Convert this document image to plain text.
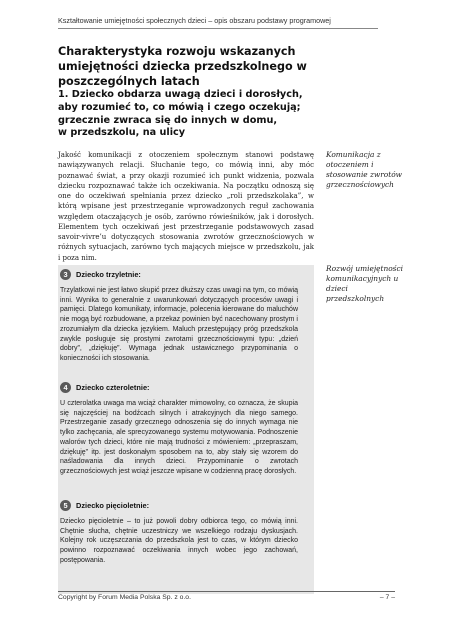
Kształtowanie umiejętności społecznych dzieci – opis obszaru podstawy programowej
Charakterystyka rozwoju wskazanych umiejętności dziecka przedszkolnego w poszczególnych latach
1. Dziecko obdarza uwagą dzieci i dorosłych,
aby rozumieć to, co mówią i czego oczekują;
grzecznie zwraca się do innych w domu,
w przedszkolu, na ulicy
Jakość komunikacji z otoczeniem społecznym stanowi podstawę nawiązywanych relacji. Słuchanie tego, co mówią inni, aby móc poznawać świat, a przy okazji rozumieć ich punkt widzenia, pozwala dziecku rozpoznawać także ich oczekiwania. Na początku odnoszą się one do oczekiwań spełniania przez dziecko „roli przedszkolaka”, w którą wpisane jest przestrzeganie wprowadzonych reguł zachowania względem otaczających je osób, zarówno rówieśników, jak i dorosłych. Elementem tych oczekiwań jest przestrzeganie podstawowych zasad savoir-vivre’u dotyczących stosowania zwrotów grzecznościowych w różnych sytuacjach, zarówno tych mających miejsce w przedszkolu, jak i poza nim.
Komunikacja z otoczeniem i stosowanie zwrotów grzecznościowych
Rozwój umiejętności komunikacyjnych u dzieci przedszkolnych
3	Dziecko trzyletnie:
Trzylatkowi nie jest łatwo skupić przez dłuższy czas uwagi na tym, co mówią inni. Wynika to generalnie z uwarunkowań dotyczących procesów uwagi i pamięci. Dlatego komunikaty, informacje, polecenia kierowane do maluchów nie mogą być rozbudowane, a przekaz powinien być nacechowany prostym i zrozumiałym dla dziecka językiem. Maluch przestępujący próg przedszkola zwykle posługuje się prostymi zwrotami grzecznościowymi typu: „dzień dobry”, „dziękuję”. Wymaga jednak ustawicznego przypominania o konieczności ich stosowania.
4	Dziecko czteroletnie:
U czterolatka uwaga ma wciąż charakter mimowolny, co oznacza, że skupia się najczęściej na bodźcach silnych i atrakcyjnych dla niego samego. Przestrzeganie zasady grzecznego odnoszenia się do innych wymaga nie tylko zachęcania, ale sprecyzowanego systemu motywowania. Podnoszenie walorów tych dzieci, które nie mają trudności z mówieniem: „przepraszam, dziękuję” itp. jest doskonałym sposobem na to, aby stały się wzorem do naśladowania dla innych dzieci. Przypominanie o zwrotach grzecznościowych jest wciąż jeszcze wpisane w codzienną pracę dorosłych.
5	Dziecko pięcioletnie:
Dziecko pięcioletnie – to już powoli dobry odbiorca tego, co mówią inni. Chętnie słucha, chętnie uczestniczy we wszelkiego rodzaju dyskusjach. Kolejny rok uczęszczania do przedszkola jest to czas, w którym dziecko powinno rozpoznawać oczekiwania innych wobec jego zachowań, postępowania.
Copyright by Forum Media Polska Sp. z o.o.	– 7 –
